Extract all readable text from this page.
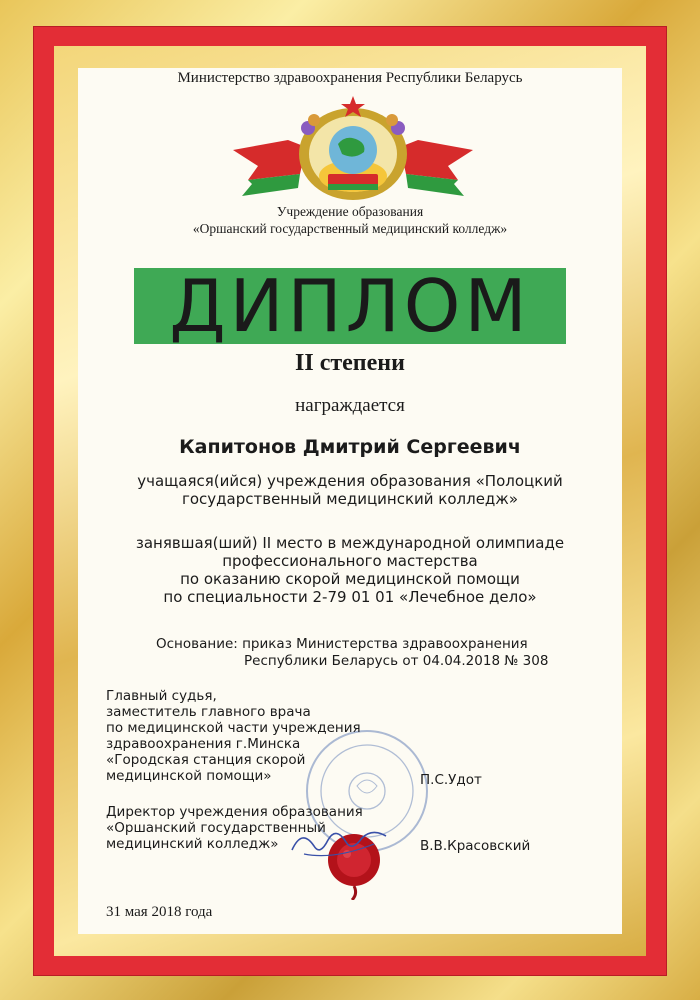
Министерство здравоохранения Республики Беларусь
Учреждение образования
«Оршанский государственный медицинский колледж»
ДИПЛОМ
II степени
награждается
Капитонов Дмитрий Сергеевич
учащаяся(ийся) учреждения образования «Полоцкий
государственный медицинский колледж»
занявшая(ший) II место в международной олимпиаде
профессионального мастерства
по оказанию скорой медицинской помощи
по специальности 2-79 01 01 «Лечебное дело»
Основание: приказ Министерства здравоохранения
Республики Беларусь от 04.04.2018 № 308
Главный судья,
заместитель главного врача
по медицинской части учреждения
здравоохранения г.Минска
«Городская станция скорой
медицинской помощи»	П.С.Удот
Директор учреждения образования
«Оршанский государственный
медицинский колледж»	В.В.Красовский
31 мая 2018 года
